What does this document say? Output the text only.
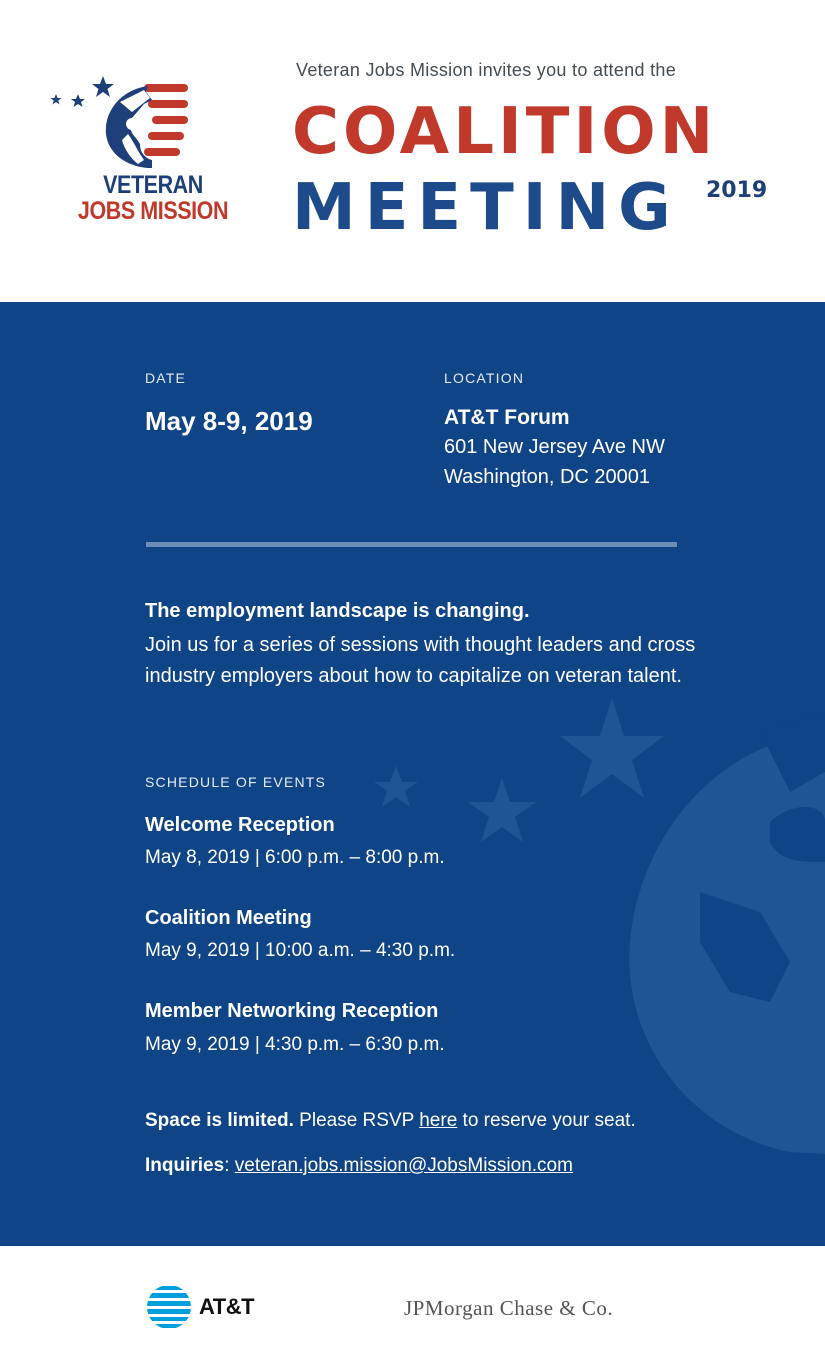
VETERAN
JOBS MISSION
Veteran Jobs Mission invites you to attend the
COALITION
MEETING 2019
DATE
May 8-9, 2019
LOCATION
AT&T Forum
601 New Jersey Ave NW
Washington, DC 20001
The employment landscape is changing.
Join us for a series of sessions with thought leaders and cross industry employers about how to capitalize on veteran talent.
SCHEDULE OF EVENTS
Welcome Reception
May 8, 2019 | 6:00 p.m. – 8:00 p.m.
Coalition Meeting
May 9, 2019 | 10:00 a.m. – 4:30 p.m.
Member Networking Reception
May 9, 2019 | 4:30 p.m. – 6:30 p.m.
Space is limited. Please RSVP here to reserve your seat.
Inquiries: veteran.jobs.mission@JobsMission.com
AT&T	JPMorgan Chase & Co.
